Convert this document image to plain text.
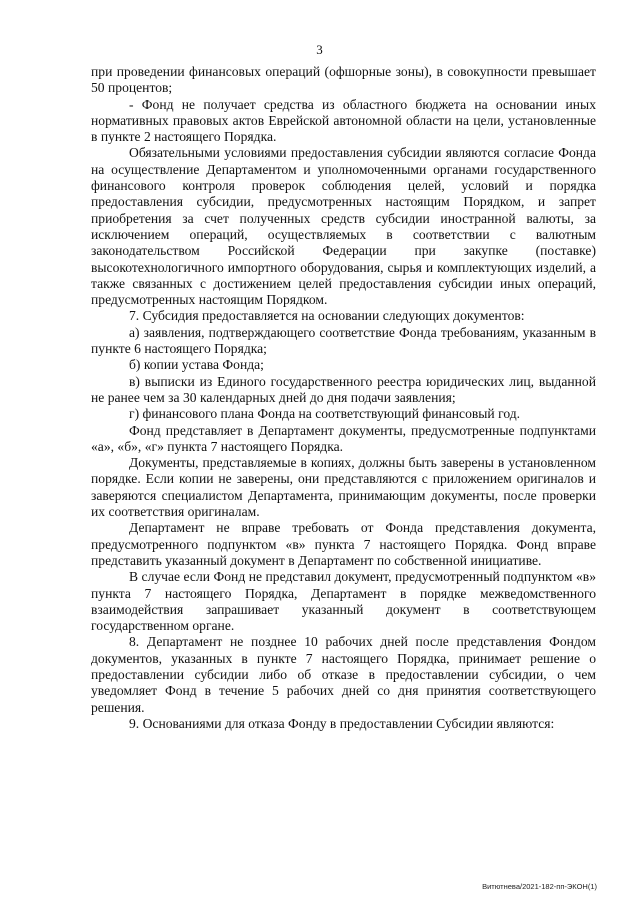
3

при проведении финансовых операций (офшорные зоны), в совокупности превышает 50 процентов;

- Фонд не получает средства из областного бюджета на основании иных нормативных правовых актов Еврейской автономной области на цели, установленные в пункте 2 настоящего Порядка.

Обязательными условиями предоставления субсидии являются согласие Фонда на осуществление Департаментом и уполномоченными органами государственного финансового контроля проверок соблюдения целей, условий и порядка предоставления субсидии, предусмотренных настоящим Порядком, и запрет приобретения за счет полученных средств субсидии иностранной валюты, за исключением операций, осуществляемых в соответствии с валютным законодательством Российской Федерации при закупке (поставке) высокотехнологичного импортного оборудования, сырья и комплектующих изделий, а также связанных с достижением целей предоставления субсидии иных операций, предусмотренных настоящим Порядком.

7. Субсидия предоставляется на основании следующих документов:

а) заявления, подтверждающего соответствие Фонда требованиям, указанным в пункте 6 настоящего Порядка;

б) копии устава Фонда;

в) выписки из Единого государственного реестра юридических лиц, выданной не ранее чем за 30 календарных дней до дня подачи заявления;

г) финансового плана Фонда на соответствующий финансовый год.

Фонд представляет в Департамент документы, предусмотренные подпунктами «а», «б», «г» пункта 7 настоящего Порядка.

Документы, представляемые в копиях, должны быть заверены в установленном порядке. Если копии не заверены, они представляются с приложением оригиналов и заверяются специалистом Департамента, принимающим документы, после проверки их соответствия оригиналам.

Департамент не вправе требовать от Фонда представления документа, предусмотренного подпунктом «в» пункта 7 настоящего Порядка. Фонд вправе представить указанный документ в Департамент по собственной инициативе.

В случае если Фонд не представил документ, предусмотренный подпунктом «в» пункта 7 настоящего Порядка, Департамент в порядке межведомственного взаимодействия запрашивает указанный документ в соответствующем государственном органе.

8. Департамент не позднее 10 рабочих дней после представления Фондом документов, указанных в пункте 7 настоящего Порядка, принимает решение о предоставлении субсидии либо об отказе в предоставлении субсидии, о чем уведомляет Фонд в течение 5 рабочих дней со дня принятия соответствующего решения.

9. Основаниями для отказа Фонду в предоставлении Субсидии являются:

Витютнева/2021-182-пп-ЭКОН(1)
